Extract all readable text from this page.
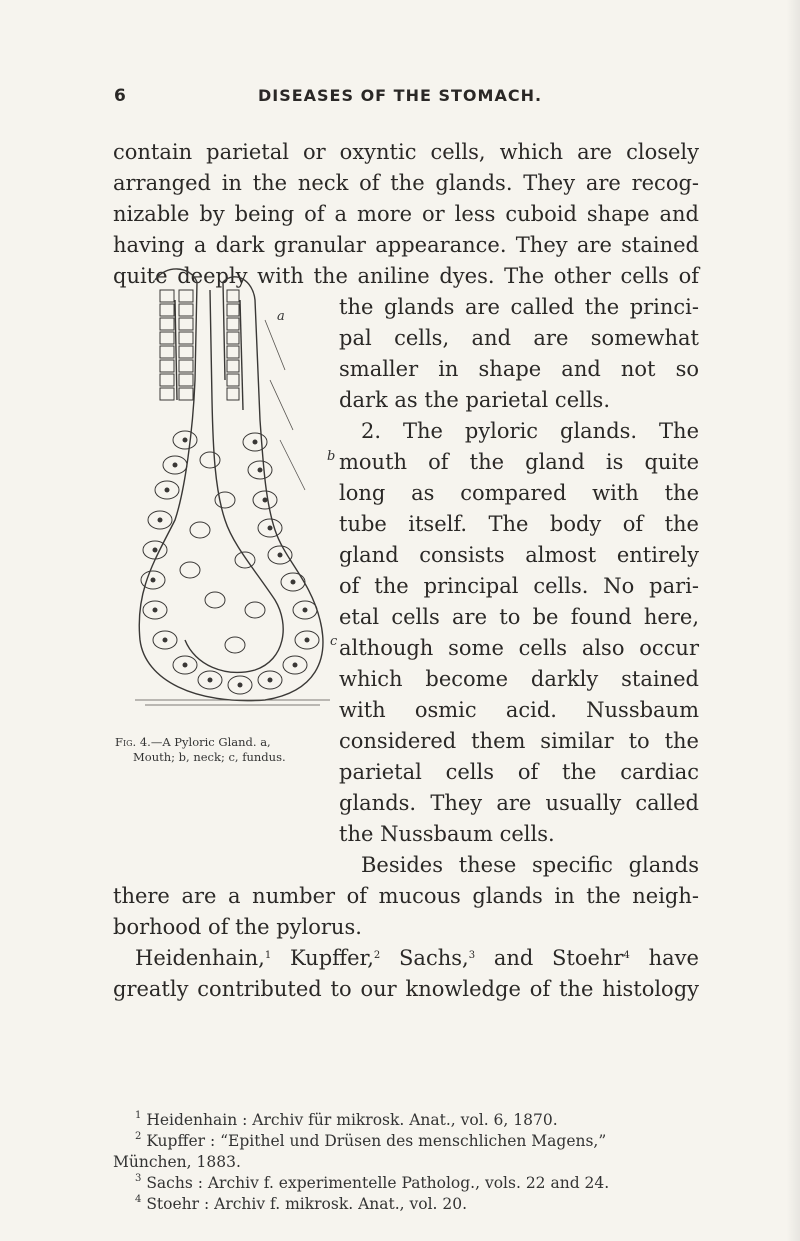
6	DISEASES OF THE STOMACH.
contain parietal or oxyntic cells, which are closely
arranged in the neck of the glands. They are recog-
nizable by being of a more or less cuboid shape and
having a dark granular appearance. They are stained
quite deeply with the aniline dyes. The other cells of
the glands are called the princi-
pal cells, and are somewhat
smaller in shape and not so
dark as the parietal cells.
2. The pyloric glands. The
mouth of the gland is quite
long as compared with the
tube itself. The body of the
gland consists almost entirely
of the principal cells. No pari-
etal cells are to be found here,
although some cells also occur
which become darkly stained
with osmic acid. Nussbaum
considered them similar to the
parietal cells of the cardiac
glands. They are usually called
the Nussbaum cells.
Besides these specific glands
there are a number of mucous glands in the neigh-
borhood of the pylorus.
Heidenhain,$^1$ Kupffer,$^2$ Sachs,$^3$ and Stoehr$^4$ have
greatly contributed to our knowledge of the histology
a
b
c
Fig. 4.—A Pyloric Gland. a,
Mouth; b, neck; c, fundus.
$^1$ Heidenhain : Archiv für mikrosk. Anat., vol. 6, 1870.
$^2$ Kupffer : “Epithel und Drüsen des menschlichen Magens,”
München, 1883.
$^3$ Sachs : Archiv f. experimentelle Patholog., vols. 22 and 24.
$^4$ Stoehr : Archiv f. mikrosk. Anat., vol. 20.
